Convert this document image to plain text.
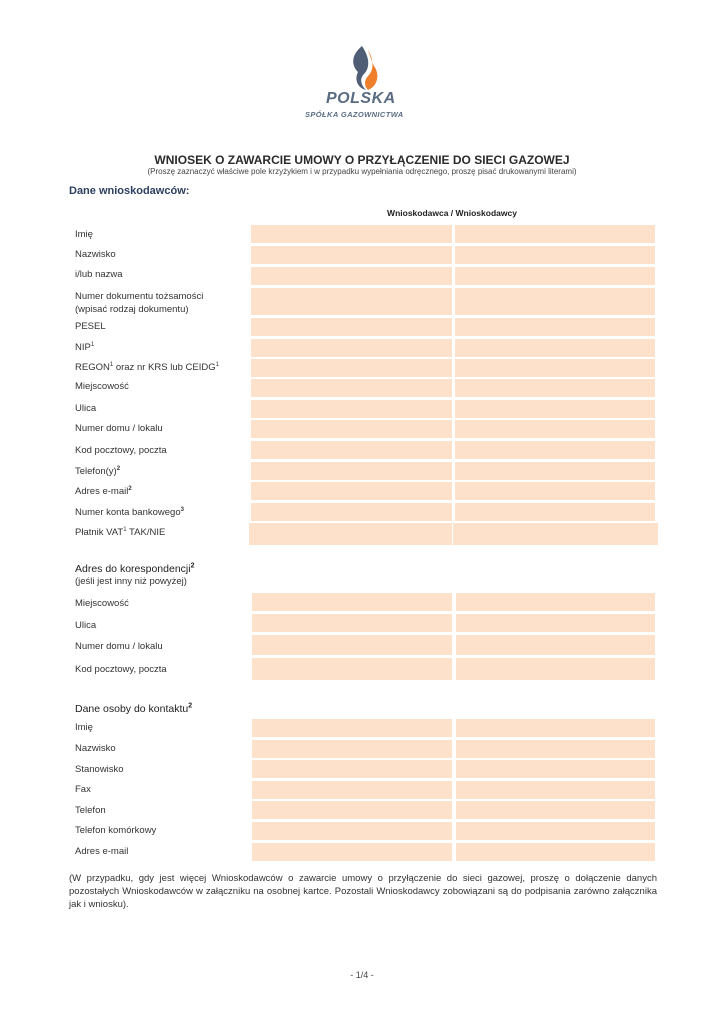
POLSKA
SPÓŁKA GAZOWNICTWA
WNIOSEK O ZAWARCIE UMOWY O PRZYŁĄCZENIE DO SIECI GAZOWEJ
(Proszę zaznaczyć właściwe pole krzyżykiem i w przypadku wypełniania odręcznego, proszę pisać drukowanymi literami)
Dane wnioskodawców:
Wnioskodawca / Wnioskodawcy
Imię
Nazwisko
i/lub nazwa
Numer dokumentu tożsamości
(wpisać rodzaj dokumentu)
PESEL
NIP$^1$
REGON$^1$ oraz nr KRS lub CEIDG$^1$
Miejscowość
Ulica
Numer domu / lokalu
Kod pocztowy, poczta
$Telefon(y)^2$
Adres e-mail$^2$
Numer konta bankowego$^3$
Płatnik VAT$^1$ TAK/NIE
Adres do korespondencji$^2$
(jeśli jest inny niż powyżej)
Miejscowość
Ulica
Numer domu / lokalu
Kod pocztowy, poczta
Dane osoby do kontaktu$^2$
Imię
Nazwisko
Stanowisko
Fax
Telefon
Telefon komórkowy
Adres e-mail
(W przypadku, gdy jest więcej Wnioskodawców o zawarcie umowy o przyłączenie do sieci gazowej, proszę o dołączenie danych pozostałych Wnioskodawców w załączniku na osobnej kartce. Pozostali Wnioskodawcy zobowiązani są do podpisania zarówno załącznika jak i wniosku).
- 1/4 -
